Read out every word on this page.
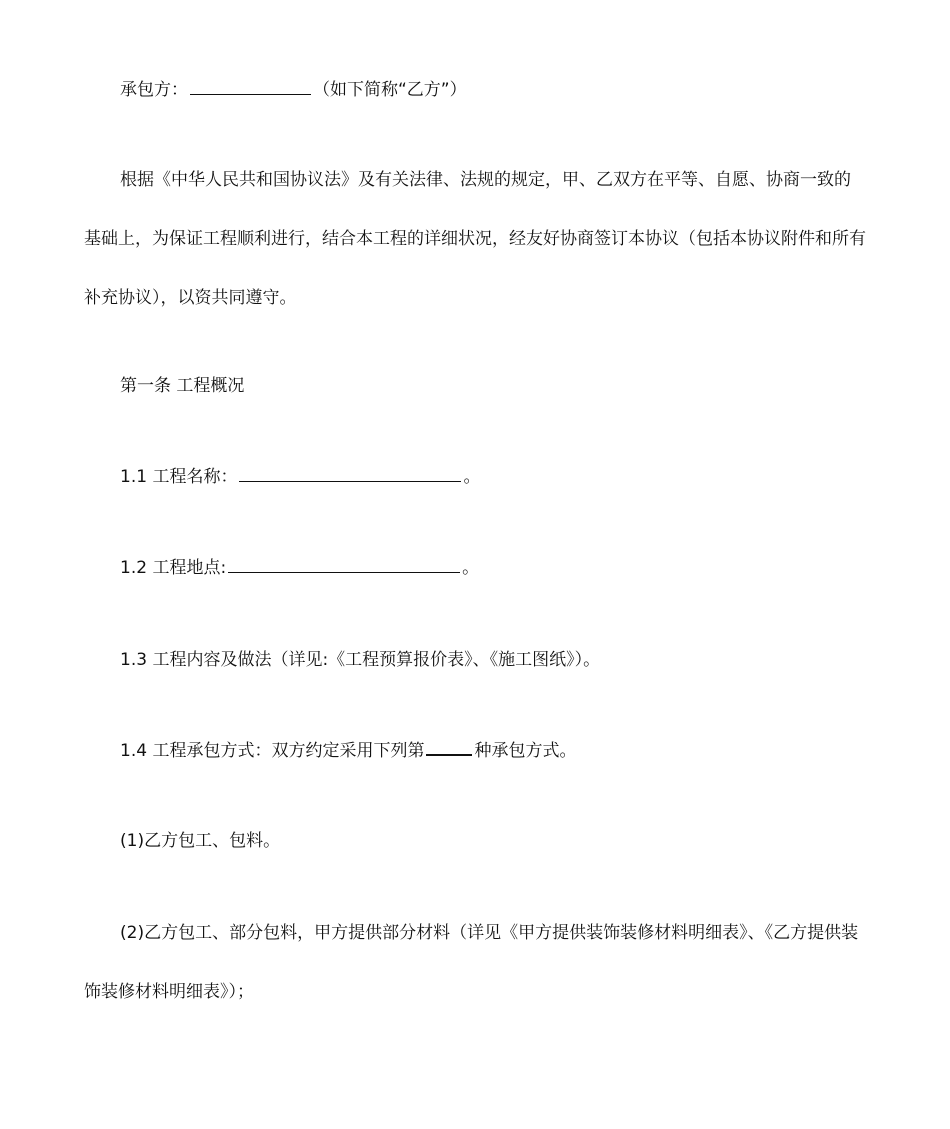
承包方：	（如下简称“乙方”）

根据《中华人民共和国协议法》及有关法律、法规的规定，甲、乙双方在平等、自愿、协商一致的基础上，为保证工程顺利进行，结合本工程的详细状况，经友好协商签订本协议（包括本协议附件和所有补充协议），以资共同遵守。

第一条 工程概况

1.1 工程名称：	。

1.2 工程地点:	。

1.3 工程内容及做法（详见:《工程预算报价表》、《施工图纸》）。

1.4 工程承包方式：双方约定采用下列第	种承包方式。

(1)乙方包工、包料。

(2)乙方包工、部分包料，甲方提供部分材料（详见《甲方提供装饰装修材料明细表》、《乙方提供装饰装修材料明细表》）；
